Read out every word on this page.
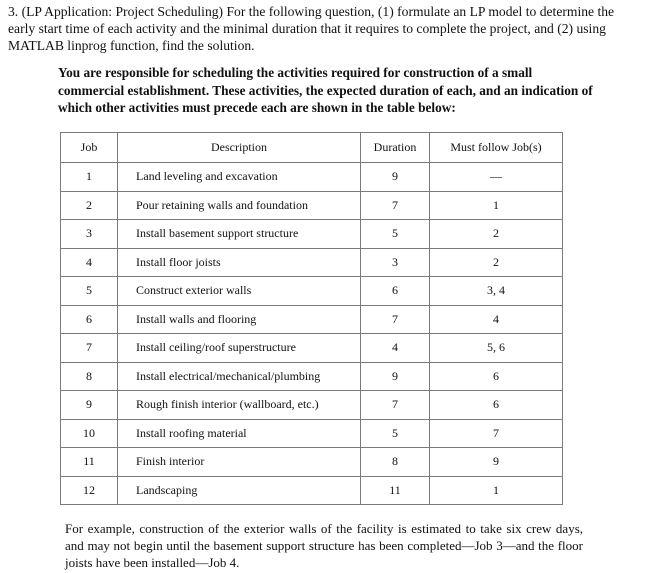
3. (LP Application: Project Scheduling) For the following question, (1) formulate an LP model to determine the early start time of each activity and the minimal duration that it requires to complete the project, and (2) using MATLAB linprog function, find the solution.
You are responsible for scheduling the activities required for construction of a small commercial establishment. These activities, the expected duration of each, and an indication of which other activities must precede each are shown in the table below:
Job	Description	Duration	Must follow Job(s)
1	Land leveling and excavation	9	—
2	Pour retaining walls and foundation	7	1
3	Install basement support structure	5	2
4	Install floor joists	3	2
5	Construct exterior walls	6	3, 4
6	Install walls and flooring	7	4
7	Install ceiling/roof superstructure	4	5, 6
8	Install electrical/mechanical/plumbing	9	6
9	Rough finish interior (wallboard, etc.)	7	6
10	Install roofing material	5	7
11	Finish interior	8	9
12	Landscaping	11	1
For example, construction of the exterior walls of the facility is estimated to take six crew days, and may not begin until the basement support structure has been completed—Job 3—and the floor joists have been installed—Job 4.
